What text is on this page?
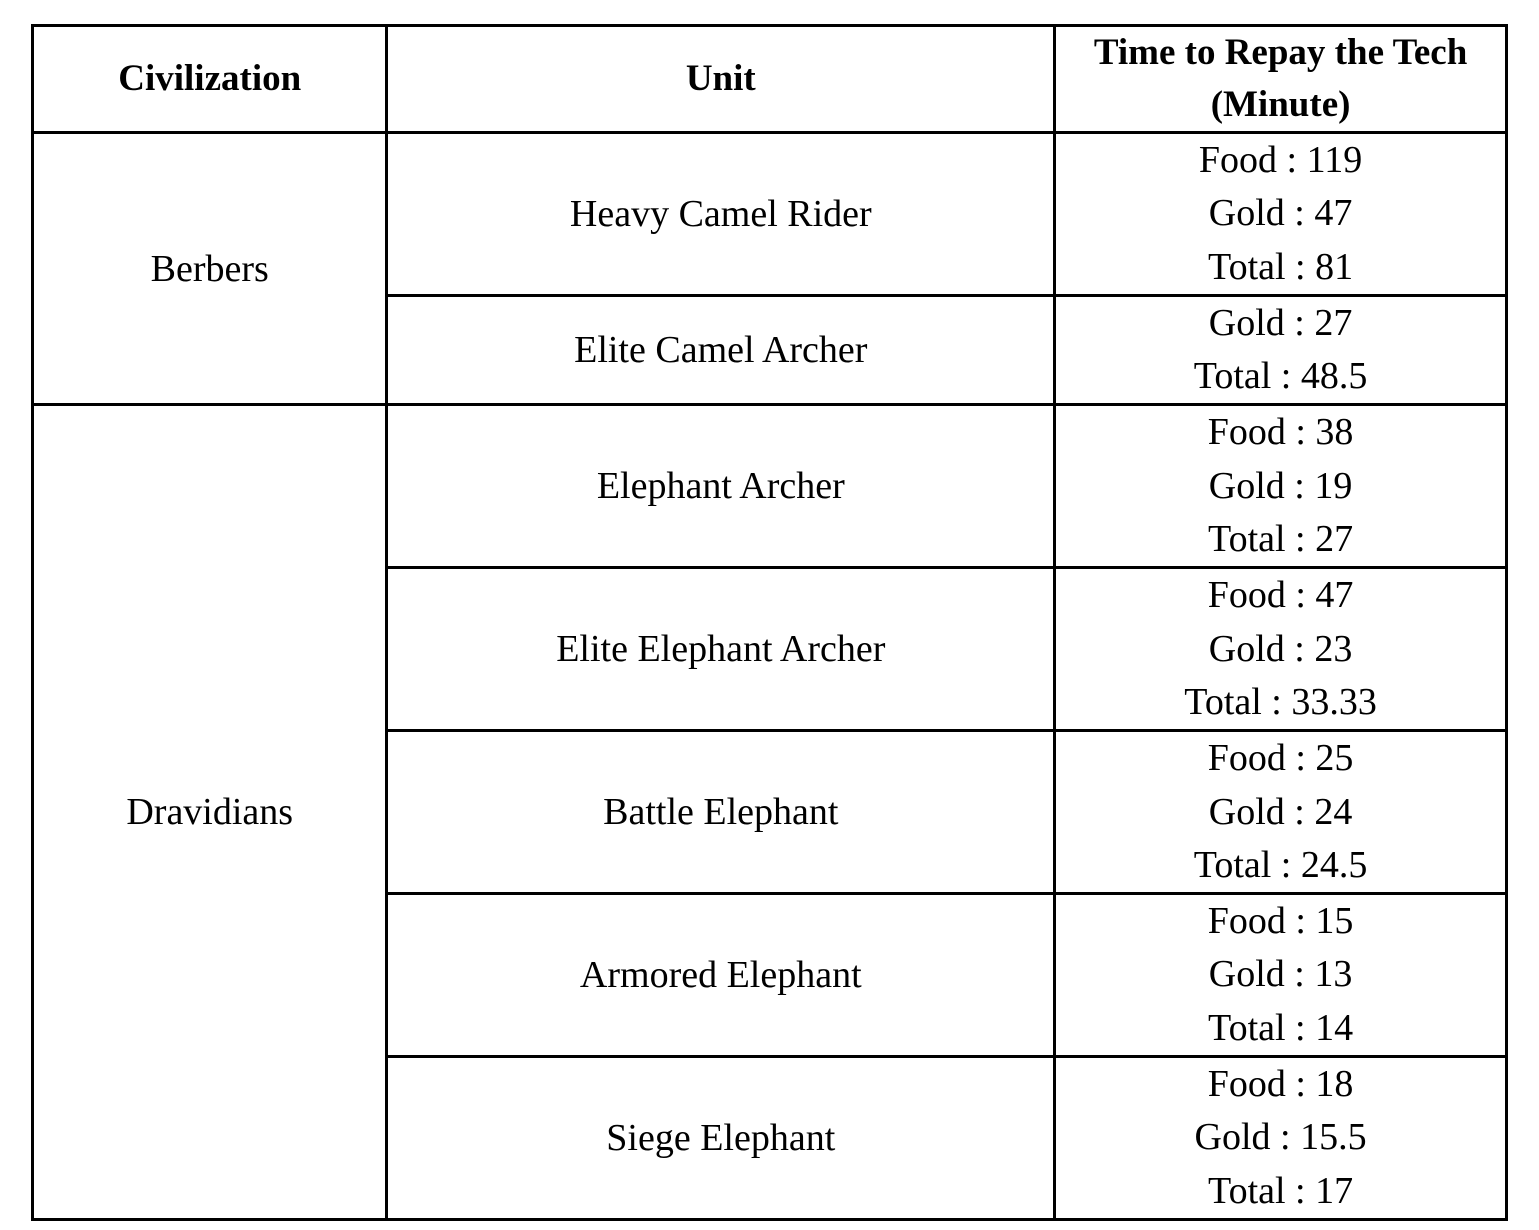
Civilization	Unit	Time to Repay the Tech
(Minute)
Berbers	Heavy Camel Rider	Food : 119
Gold : 47
Total : 81

	Elite Camel Archer	Gold : 27
Total : 48.5

Dravidians	Elephant Archer	Food : 38
Gold : 19
Total : 27

	Elite Elephant Archer	Food : 47
Gold : 23
Total : 33.33

	Battle Elephant	Food : 25
Gold : 24
Total : 24.5

	Armored Elephant	Food : 15
Gold : 13
Total : 14

	Siege Elephant	Food : 18
Gold : 15.5
Total : 17
